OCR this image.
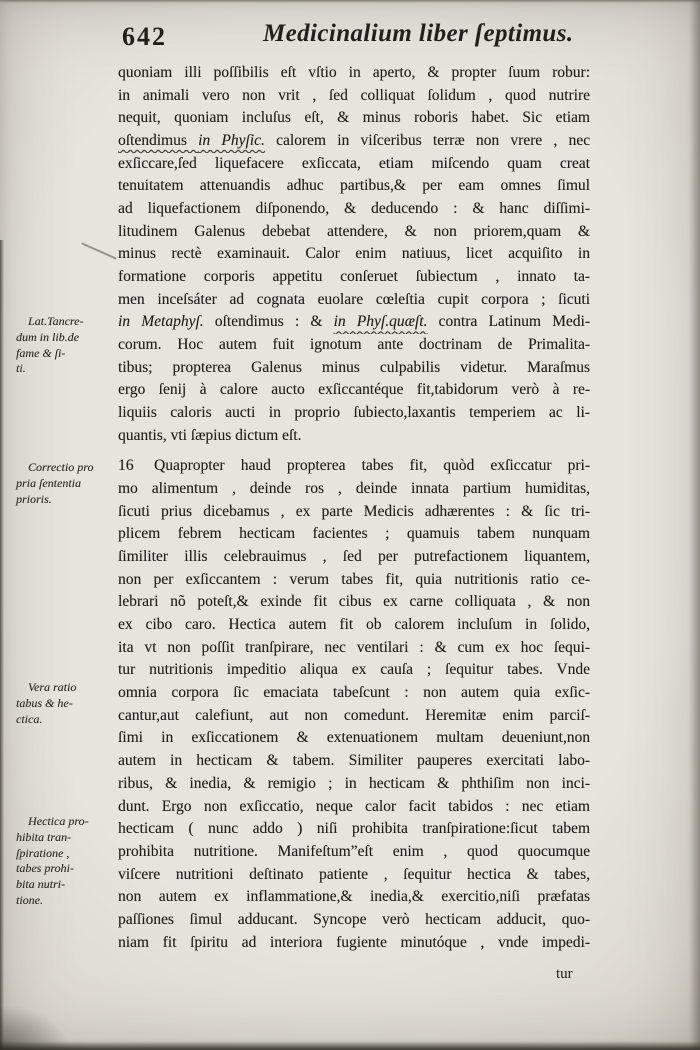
642	Medicinalium liber ſeptimus.
Lat.Tancre-
dum in lib.de
fame & ſi-
ti.
Correctio pro
pria ſententia
prioris.
Vera ratio
tabus & he-
ctica.
Hectica pro-
hibita tran-
ſpiratione ,
tabes prohi-
bita nutri-
tione.
quoniam illi poſſibilis eſt vſtio in aperto, & propter ſuum robur:
in animali vero non vrit , ſed colliquat ſolidum , quod nutrire
nequit, quoniam incluſus eſt, & minus roboris habet. Sic etiam
oſtendimus in Phyſic. calorem in viſceribus terræ non vrere , nec
exſiccare,ſed liquefacere exſiccata, etiam miſcendo quam creat
tenuitatem attenuandis adhuc partibus,& per eam omnes ſimul
ad liquefactionem diſponendo, & deducendo : & hanc diſſimi-
litudinem Galenus debebat attendere, & non priorem,quam &
minus rectè examinauit. Calor enim natiuus, licet acquiſito in
formatione corporis appetitu conſeruet ſubiectum , innato ta-
men inceſsáter ad cognata euolare cœleſtia cupit corpora ; ſicuti
in Metaphyſ. oſtendimus : & in Phyſ.quæſt. contra Latinum Medi-
corum. Hoc autem fuit ignotum ante doctrinam de Primalita-
tibus; propterea Galenus minus culpabilis videtur. Maraſmus
ergo ſenij à calore aucto exſiccantéque fit,tabidorum verò à re-
liquiis caloris aucti in proprio ſubiecto,laxantis temperiem ac li-
quantis, vti ſæpius dictum eſt.
16 Quapropter haud propterea tabes fit, quòd exſiccatur pri-
mo alimentum , deinde ros , deinde innata partium humiditas,
ſicuti prius dicebamus , ex parte Medicis adhærentes : & ſic tri-
plicem febrem hecticam facientes ; quamuis tabem nunquam
ſimiliter illis celebrauimus , ſed per putrefactionem liquantem,
non per exſiccantem : verum tabes fit, quia nutritionis ratio ce-
lebrari nõ poteſt,& exinde fit cibus ex carne colliquata , & non
ex cibo caro. Hectica autem fit ob calorem incluſum in ſolido,
ita vt non poſſit tranſpirare, nec ventilari : & cum ex hoc ſequi-
tur nutritionis impeditio aliqua ex cauſa ; ſequitur tabes. Vnde
omnia corpora ſic emaciata tabeſcunt : non autem quia exſic-
cantur,aut calefiunt, aut non comedunt. Heremitæ enim parciſ-
ſimi in exſiccationem & extenuationem multam deueniunt,non
autem in hecticam & tabem. Similiter pauperes exercitati labo-
ribus, & inedia, & remigio ; in hecticam & phthiſim non inci-
dunt. Ergo non exſiccatio, neque calor facit tabidos : nec etiam
hecticam ( nunc addo ) niſi prohibita tranſpiratione:ſicut tabem
prohibita nutritione. Manifeſtum”eſt enim , quod quocumque
viſcere nutritioni deſtinato patiente , ſequitur hectica & tabes,
non autem ex inflammatione,& inedia,& exercitio,niſi præfatas
paſſiones ſimul adducant. Syncope verò hecticam adducit, quo-
niam fit ſpiritu ad interiora fugiente minutóque , vnde impedi-
tur
